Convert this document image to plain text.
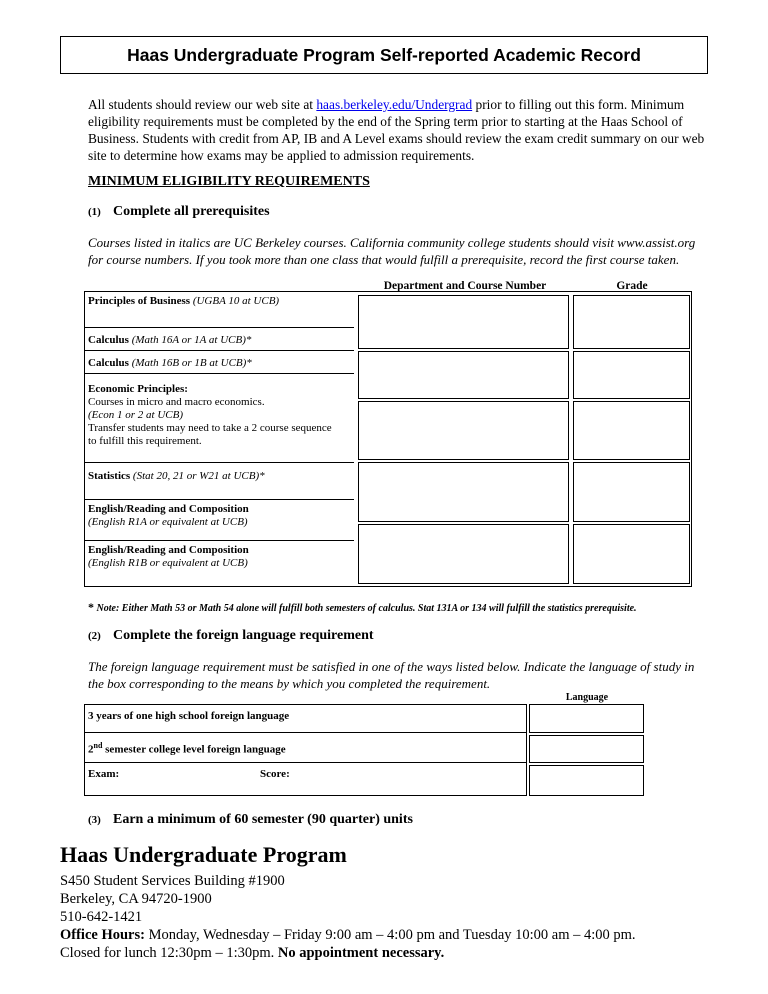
Haas Undergraduate Program Self-reported Academic Record
All students should review our web site at haas.berkeley.edu/Undergrad prior to filling out this form. Minimum eligibility requirements must be completed by the end of the Spring term prior to starting at the Haas School of Business. Students with credit from AP, IB and A Level exams should review the exam credit summary on our web site to determine how exams may be applied to admission requirements.
MINIMUM ELIGIBILITY REQUIREMENTS
(1) Complete all prerequisites
Courses listed in italics are UC Berkeley courses. California community college students should visit www.assist.org for course numbers. If you took more than one class that would fulfill a prerequisite, record the first course taken.
Department and Course Number	Grade
Principles of Business (UGBA 10 at UCB)
Calculus (Math 16A or 1A at UCB)*
Calculus (Math 16B or 1B at UCB)*
Economic Principles:
Courses in micro and macro economics.
(Econ 1 or 2 at UCB)
Transfer students may need to take a 2 course sequence
to fulfill this requirement.
Statistics (Stat 20, 21 or W21 at UCB)*
English/Reading and Composition
(English R1A or equivalent at UCB)
English/Reading and Composition
(English R1B or equivalent at UCB)
* Note: Either Math 53 or Math 54 alone will fulfill both semesters of calculus. Stat 131A or 134 will fulfill the statistics prerequisite.
(2) Complete the foreign language requirement
The foreign language requirement must be satisfied in one of the ways listed below. Indicate the language of study in the box corresponding to the means by which you completed the requirement.
Language
3 years of one high school foreign language
2nd semester college level foreign language
Exam:	Score:
(3) Earn a minimum of 60 semester (90 quarter) units
Haas Undergraduate Program
S450 Student Services Building #1900
Berkeley, CA 94720-1900
510-642-1421
Office Hours: Monday, Wednesday – Friday 9:00 am – 4:00 pm and Tuesday 10:00 am – 4:00 pm.
Closed for lunch 12:30pm – 1:30pm. No appointment necessary.
